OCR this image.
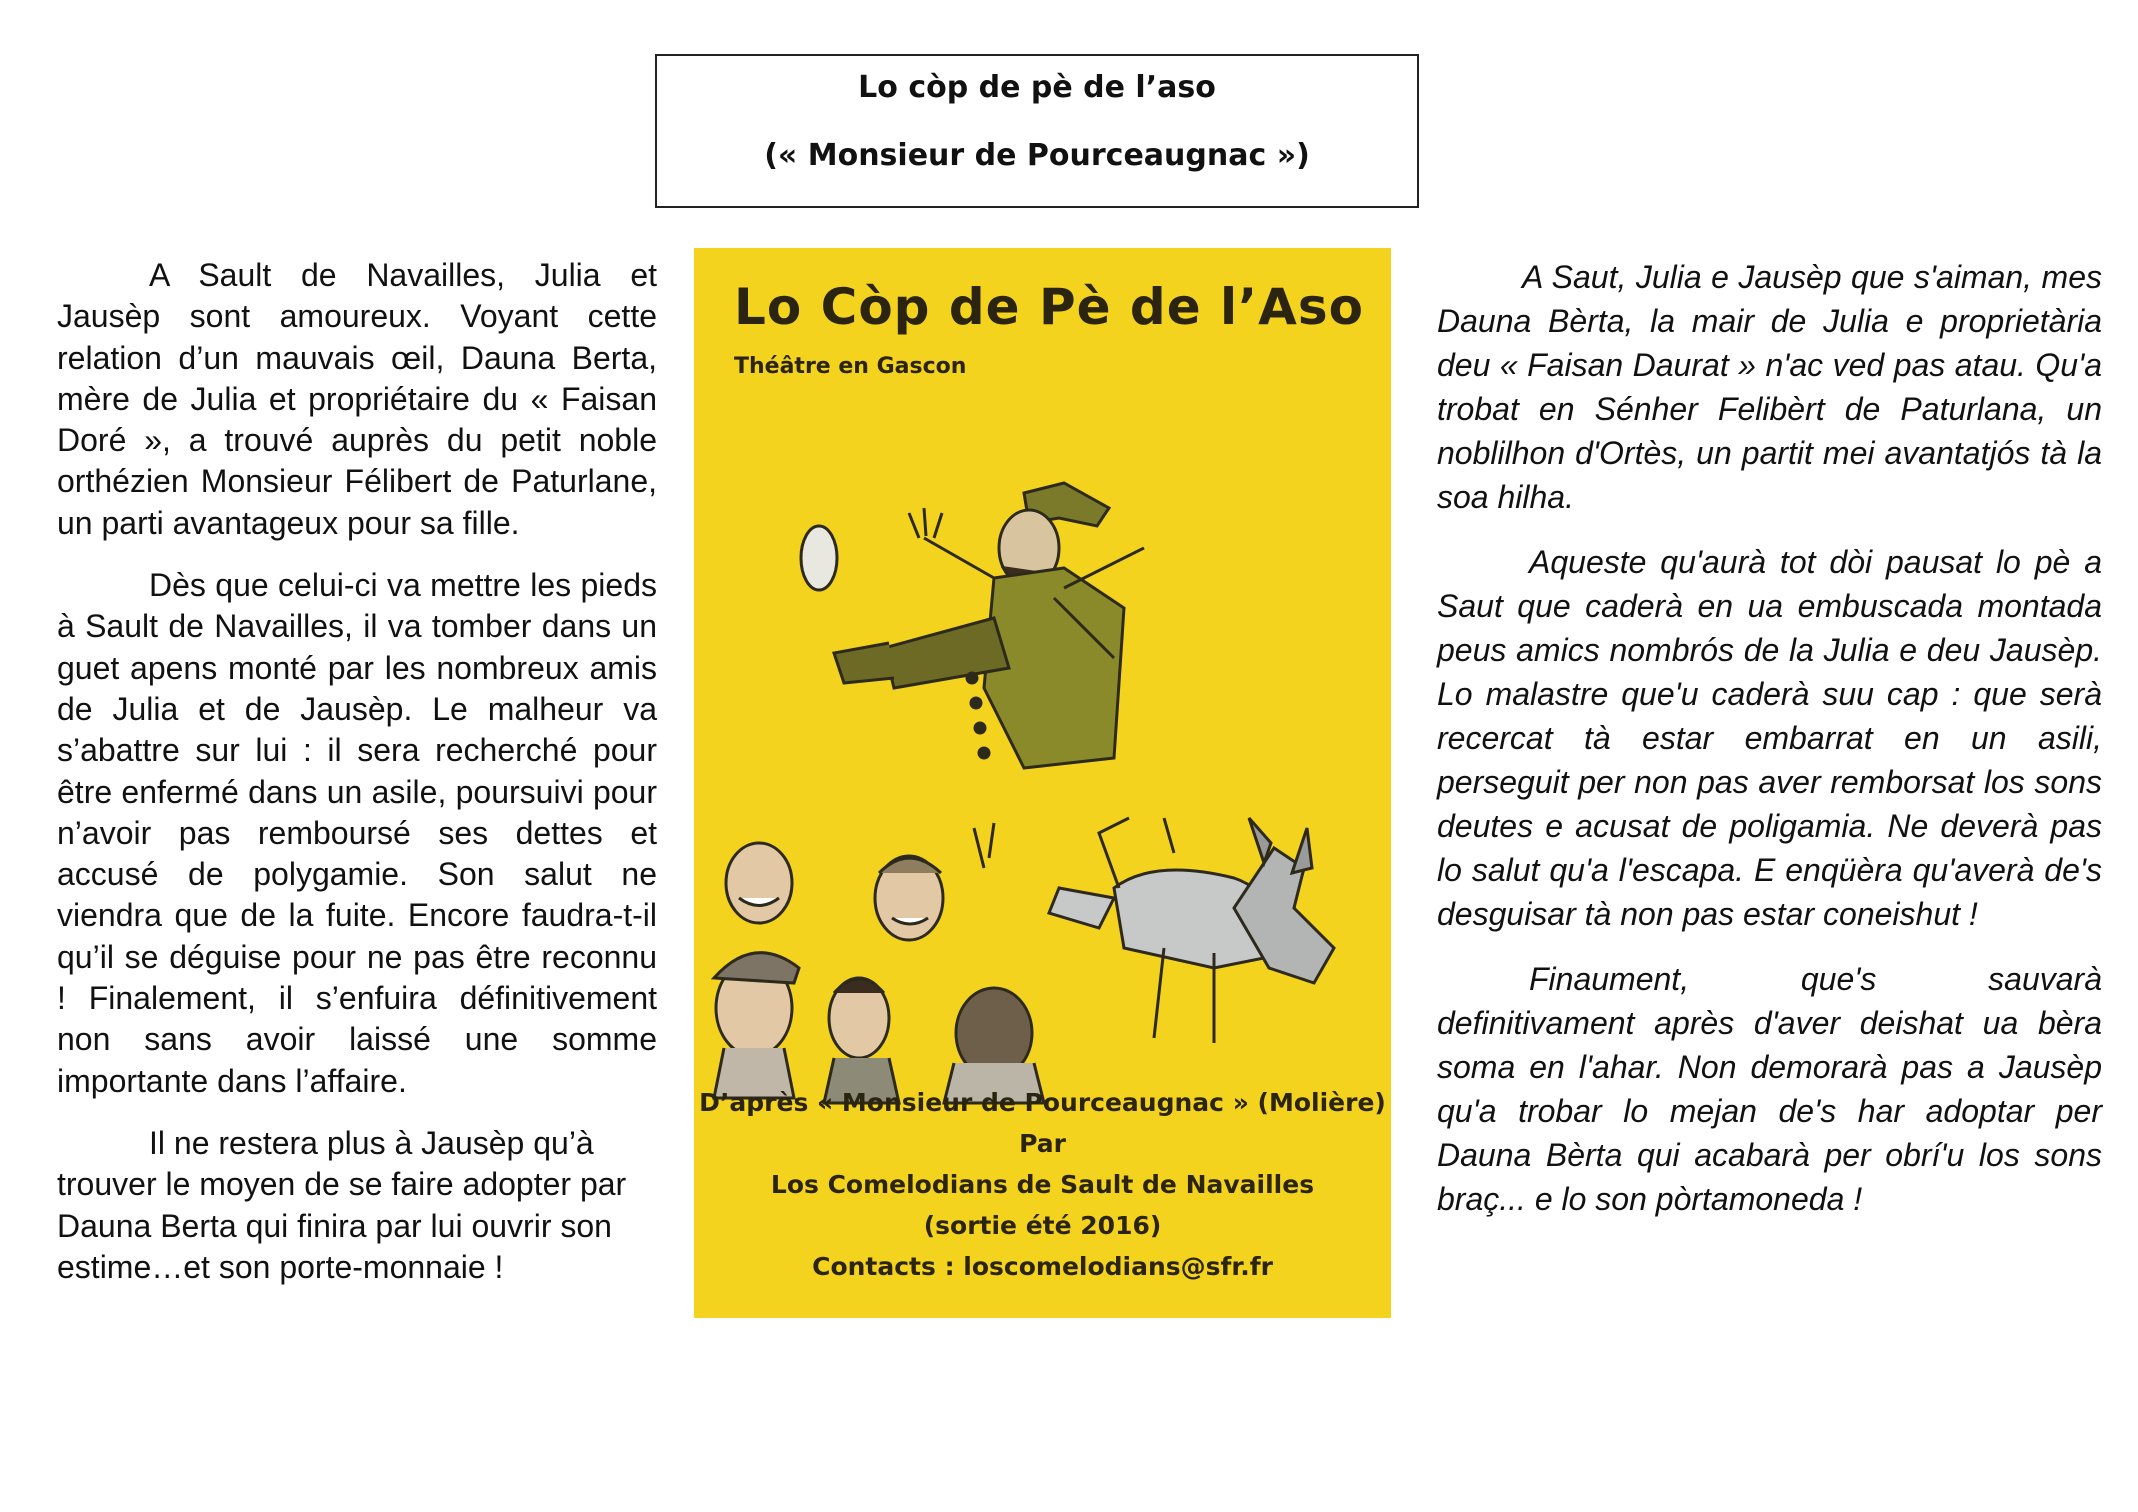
Lo còp de pè de l’aso
(« Monsieur de Pourceaugnac »)

A Sault de Navailles, Julia et Jausèp sont amoureux. Voyant cette relation d’un mauvais œil, Dauna Berta, mère de Julia et propriétaire du « Faisan Doré », a trouvé auprès du petit noble orthézien Monsieur Félibert de Paturlane, un parti avantageux pour sa fille.

Dès que celui-ci va mettre les pieds à Sault de Navailles, il va tomber dans un guet apens monté par les nombreux amis de Julia et de Jausèp. Le malheur va s’abattre sur lui : il sera recherché pour être enfermé dans un asile, poursuivi pour n’avoir pas remboursé ses dettes et accusé de polygamie. Son salut ne viendra que de la fuite. Encore faudra-t-il qu’il se déguise pour ne pas être reconnu ! Finalement, il s’enfuira définitivement non sans avoir laissé une somme importante dans l’affaire.

Il ne restera plus à Jausèp qu’à trouver le moyen de se faire adopter par Dauna Berta qui finira par lui ouvrir son estime…et son porte-monnaie !

Lo Còp de Pè de l’Aso
Théâtre en Gascon
D’après « Monsieur de Pourceaugnac » (Molière)
Par
Los Comelodians de Sault de Navailles
(sortie été 2016)
Contacts : loscomelodians@sfr.fr

A Saut, Julia e Jausèp que s'aiman, mes Dauna Bèrta, la mair de Julia e proprietària deu « Faisan Daurat » n'ac ved pas atau. Qu'a trobat en Sénher Felibèrt de Paturlana, un noblilhon d'Ortès, un partit mei avantatjós tà la soa hilha.

Aqueste qu'aurà tot dòi pausat lo pè a Saut que caderà en ua embuscada montada peus amics nombrós de la Julia e deu Jausèp. Lo malastre que'u caderà suu cap : que serà recercat tà estar embarrat en un asili, perseguit per non pas aver remborsat los sons deutes e acusat de poligamia. Ne deverà pas lo salut qu'a l'escapa. E enqüèra qu'averà de's desguisar tà non pas estar coneishut !

Finaument, que's sauvarà definitivament après d'aver deishat ua bèra soma en l'ahar. Non demorarà pas a Jausèp qu'a trobar lo mejan de's har adoptar per Dauna Bèrta qui acabarà per obrí'u los sons braç... e lo son pòrtamoneda !
